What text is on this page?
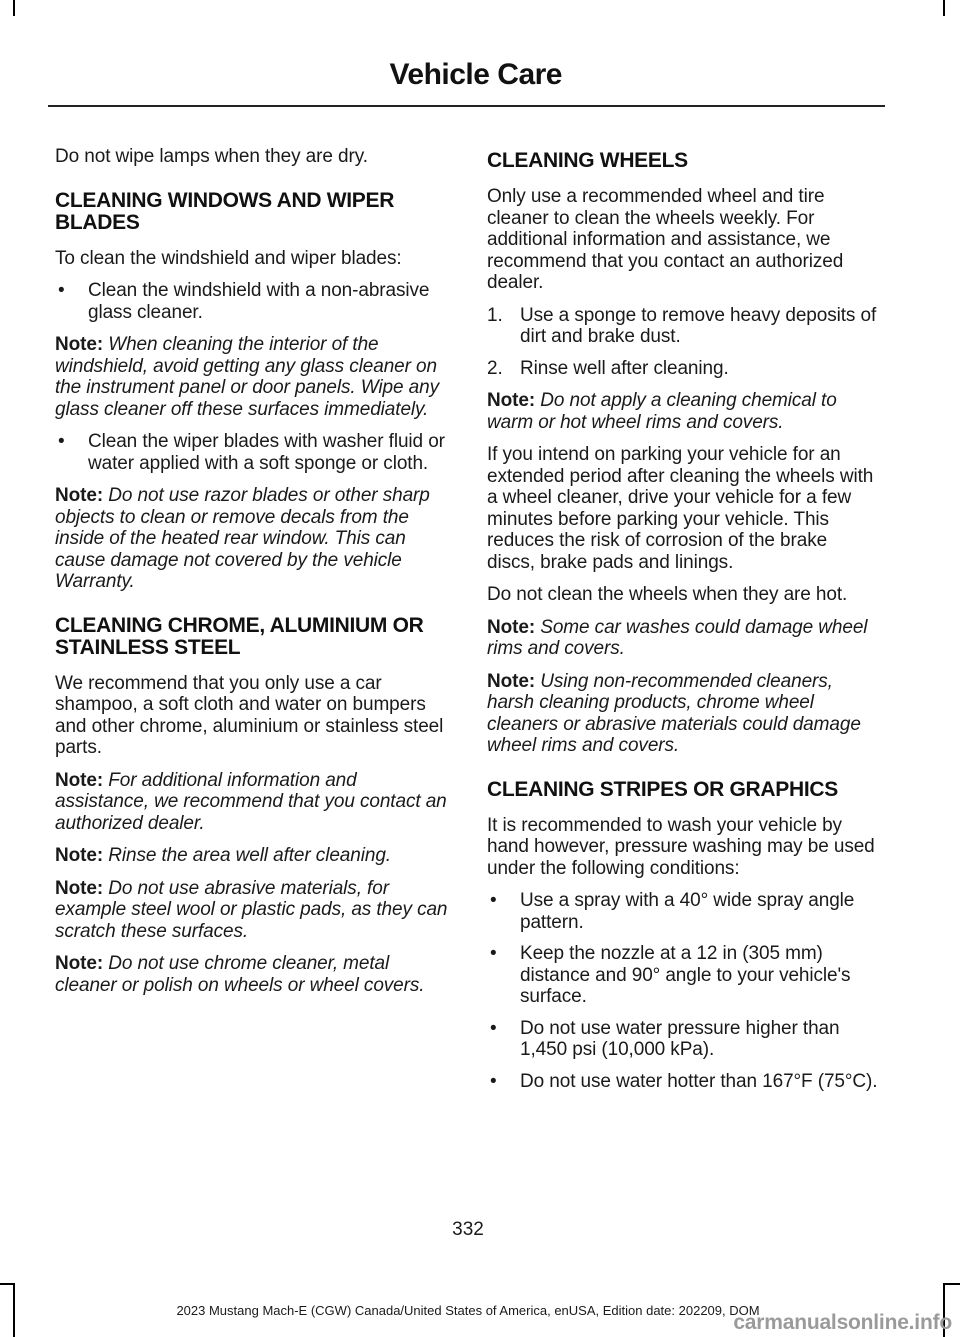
Vehicle Care

Do not wipe lamps when they are dry.

CLEANING WINDOWS AND WIPER BLADES

To clean the windshield and wiper blades:

• Clean the windshield with a non-abrasive glass cleaner.

Note: When cleaning the interior of the windshield, avoid getting any glass cleaner on the instrument panel or door panels. Wipe any glass cleaner off these surfaces immediately.

• Clean the wiper blades with washer fluid or water applied with a soft sponge or cloth.

Note: Do not use razor blades or other sharp objects to clean or remove decals from the inside of the heated rear window. This can cause damage not covered by the vehicle Warranty.

CLEANING CHROME, ALUMINIUM OR STAINLESS STEEL

We recommend that you only use a car shampoo, a soft cloth and water on bumpers and other chrome, aluminium or stainless steel parts.

Note: For additional information and assistance, we recommend that you contact an authorized dealer.

Note: Rinse the area well after cleaning.

Note: Do not use abrasive materials, for example steel wool or plastic pads, as they can scratch these surfaces.

Note: Do not use chrome cleaner, metal cleaner or polish on wheels or wheel covers.

CLEANING WHEELS

Only use a recommended wheel and tire cleaner to clean the wheels weekly. For additional information and assistance, we recommend that you contact an authorized dealer.

1. Use a sponge to remove heavy deposits of dirt and brake dust.
2. Rinse well after cleaning.

Note: Do not apply a cleaning chemical to warm or hot wheel rims and covers.

If you intend on parking your vehicle for an extended period after cleaning the wheels with a wheel cleaner, drive your vehicle for a few minutes before parking your vehicle. This reduces the risk of corrosion of the brake discs, brake pads and linings.

Do not clean the wheels when they are hot.

Note: Some car washes could damage wheel rims and covers.

Note: Using non-recommended cleaners, harsh cleaning products, chrome wheel cleaners or abrasive materials could damage wheel rims and covers.

CLEANING STRIPES OR GRAPHICS

It is recommended to wash your vehicle by hand however, pressure washing may be used under the following conditions:

• Use a spray with a 40° wide spray angle pattern.
• Keep the nozzle at a 12 in (305 mm) distance and 90° angle to your vehicle's surface.
• Do not use water pressure higher than 1,450 psi (10,000 kPa).
• Do not use water hotter than 167°F (75°C).
332
2023 Mustang Mach-E (CGW) Canada/United States of America, enUSA, Edition date: 202209, DOM
carmanualsonline.info
